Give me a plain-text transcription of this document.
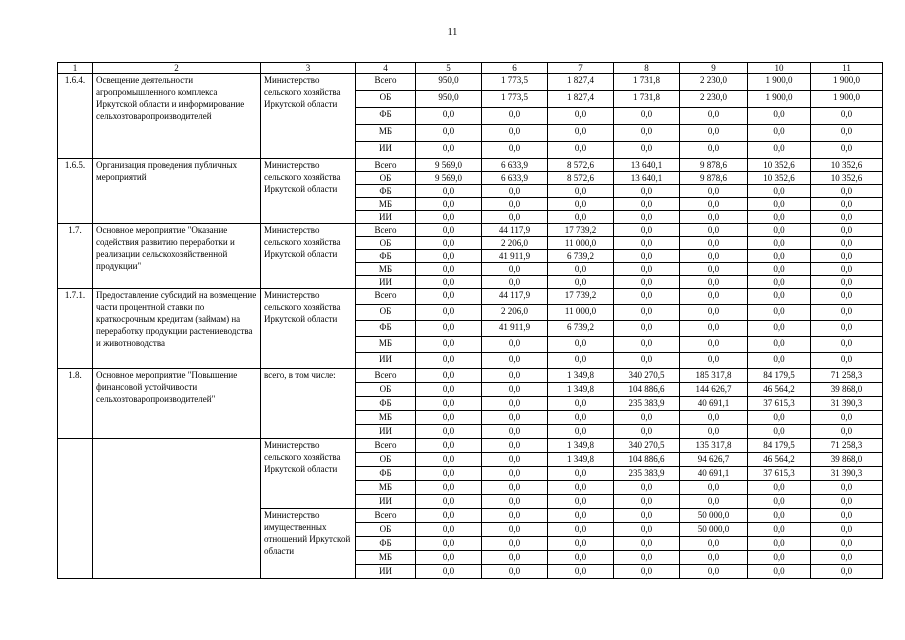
11
1	2	3	4	5	6	7	8	9	10	11
1.6.4.	Освещение деятельности агропромышленного комплекса Иркутской области и информирование сельхозтоваропроизводителей	Министерство сельского хозяйства Иркутской области	Всего	950,0	1 773,5	1 827,4	1 731,8	2 230,0	1 900,0	1 900,0
			ОБ	950,0	1 773,5	1 827,4	1 731,8	2 230,0	1 900,0	1 900,0
			ФБ	0,0	0,0	0,0	0,0	0,0	0,0	0,0
			МБ	0,0	0,0	0,0	0,0	0,0	0,0	0,0
			ИИ	0,0	0,0	0,0	0,0	0,0	0,0	0,0
1.6.5.	Организация проведения публичных мероприятий	Министерство сельского хозяйства Иркутской области	Всего	9 569,0	6 633,9	8 572,6	13 640,1	9 878,6	10 352,6	10 352,6
			ОБ	9 569,0	6 633,9	8 572,6	13 640,1	9 878,6	10 352,6	10 352,6
			ФБ	0,0	0,0	0,0	0,0	0,0	0,0	0,0
			МБ	0,0	0,0	0,0	0,0	0,0	0,0	0,0
			ИИ	0,0	0,0	0,0	0,0	0,0	0,0	0,0
1.7.	Основное мероприятие "Оказание содействия развитию переработки и реализации сельскохозяйственной продукции"	Министерство сельского хозяйства Иркутской области	Всего	0,0	44 117,9	17 739,2	0,0	0,0	0,0	0,0
			ОБ	0,0	2 206,0	11 000,0	0,0	0,0	0,0	0,0
			ФБ	0,0	41 911,9	6 739,2	0,0	0,0	0,0	0,0
			МБ	0,0	0,0	0,0	0,0	0,0	0,0	0,0
			ИИ	0,0	0,0	0,0	0,0	0,0	0,0	0,0
1.7.1.	Предоставление субсидий на возмещение части процентной ставки по краткосрочным кредитам (займам) на переработку продукции растениеводства и животноводства	Министерство сельского хозяйства Иркутской области	Всего	0,0	44 117,9	17 739,2	0,0	0,0	0,0	0,0
			ОБ	0,0	2 206,0	11 000,0	0,0	0,0	0,0	0,0
			ФБ	0,0	41 911,9	6 739,2	0,0	0,0	0,0	0,0
			МБ	0,0	0,0	0,0	0,0	0,0	0,0	0,0
			ИИ	0,0	0,0	0,0	0,0	0,0	0,0	0,0
1.8.	Основное мероприятие "Повышение финансовой устойчивости сельхозтоваропроизводителей"	всего, в том числе:	Всего	0,0	0,0	1 349,8	340 270,5	185 317,8	84 179,5	71 258,3
			ОБ	0,0	0,0	1 349,8	104 886,6	144 626,7	46 564,2	39 868,0
			ФБ	0,0	0,0	0,0	235 383,9	40 691,1	37 615,3	31 390,3
			МБ	0,0	0,0	0,0	0,0	0,0	0,0	0,0
			ИИ	0,0	0,0	0,0	0,0	0,0	0,0	0,0
		Министерство сельского хозяйства Иркутской области	Всего	0,0	0,0	1 349,8	340 270,5	135 317,8	84 179,5	71 258,3
			ОБ	0,0	0,0	1 349,8	104 886,6	94 626,7	46 564,2	39 868,0
			ФБ	0,0	0,0	0,0	235 383,9	40 691,1	37 615,3	31 390,3
			МБ	0,0	0,0	0,0	0,0	0,0	0,0	0,0
			ИИ	0,0	0,0	0,0	0,0	0,0	0,0	0,0
		Министерство имущественных отношений Иркутской области	Всего	0,0	0,0	0,0	0,0	50 000,0	0,0	0,0
			ОБ	0,0	0,0	0,0	0,0	50 000,0	0,0	0,0
			ФБ	0,0	0,0	0,0	0,0	0,0	0,0	0,0
			МБ	0,0	0,0	0,0	0,0	0,0	0,0	0,0
			ИИ	0,0	0,0	0,0	0,0	0,0	0,0	0,0
